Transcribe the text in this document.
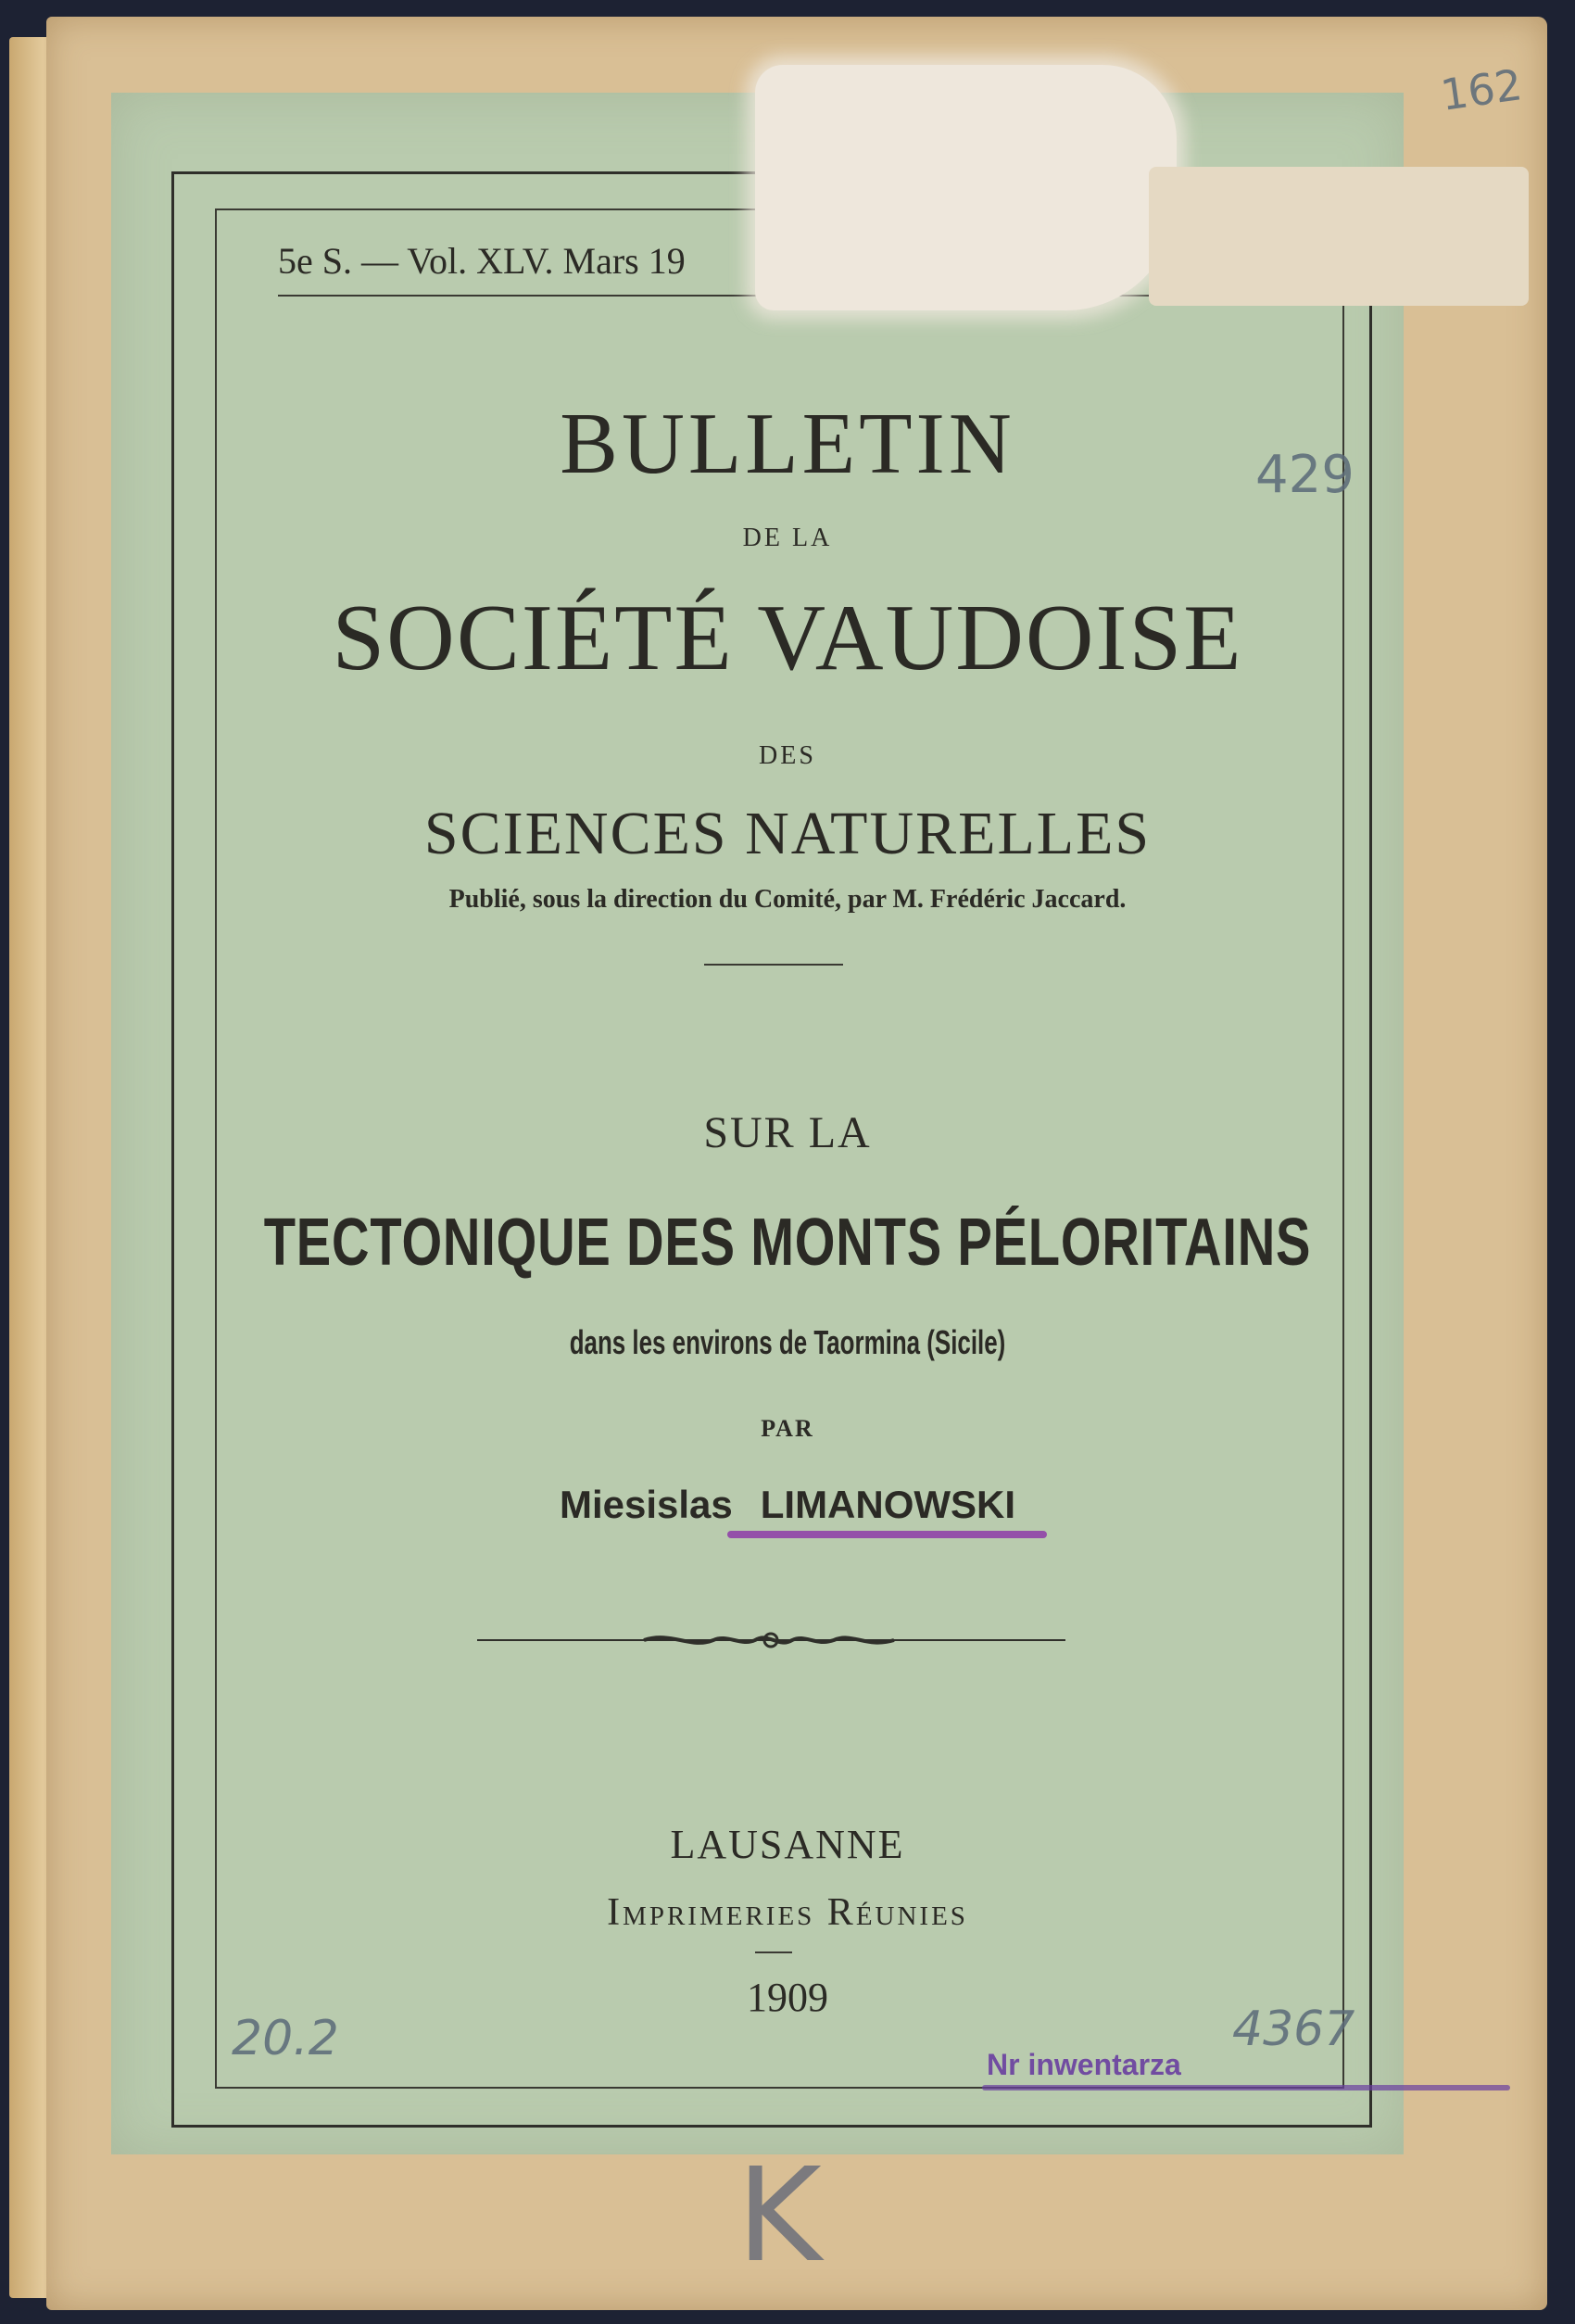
5e S. — Vol. XLV. Mars 19
BULLETIN
DE LA
SOCIÉTÉ VAUDOISE
DES
SCIENCES NATURELLES
Publié, sous la direction du Comité, par M. Frédéric Jaccard.
SUR LA
TECTONIQUE DES MONTS PÉLORITAINS
dans les environs de Taormina (Sicile)
PAR
Miesislas LIMANOWSKI
LAUSANNE
Imprimeries Réunies
1909
162
429
20.2	4367
Nr inwentarza
K
